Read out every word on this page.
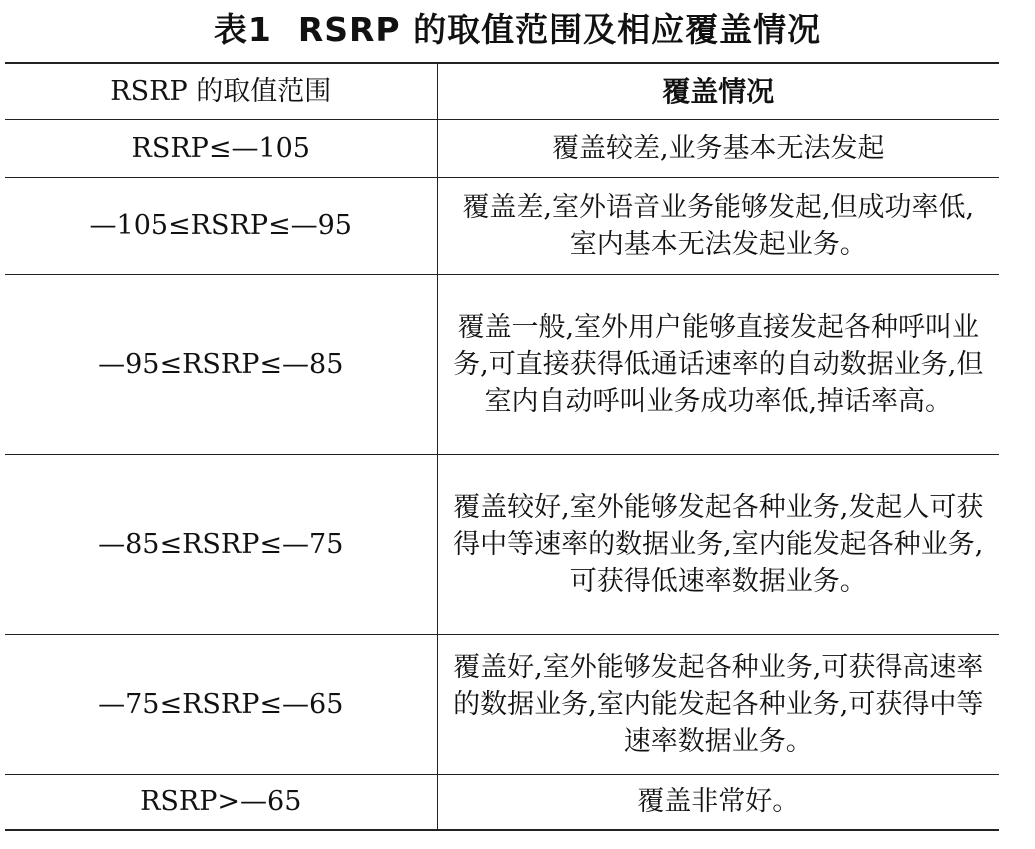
表1 RSRP 的取值范围及相应覆盖情况
RSRP 的取值范围	覆盖情况
RSRP≤—105	覆盖较差,业务基本无法发起
—105≤RSRP≤—95	覆盖差,室外语音业务能够发起,但成功率低,室内基本无法发起业务。
—95≤RSRP≤—85	覆盖一般,室外用户能够直接发起各种呼叫业务,可直接获得低通话速率的自动数据业务,但室内自动呼叫业务成功率低,掉话率高。
—85≤RSRP≤—75	覆盖较好,室外能够发起各种业务,发起人可获得中等速率的数据业务,室内能发起各种业务,可获得低速率数据业务。
—75≤RSRP≤—65	覆盖好,室外能够发起各种业务,可获得高速率的数据业务,室内能发起各种业务,可获得中等速率数据业务。
RSRP>—65	覆盖非常好。
